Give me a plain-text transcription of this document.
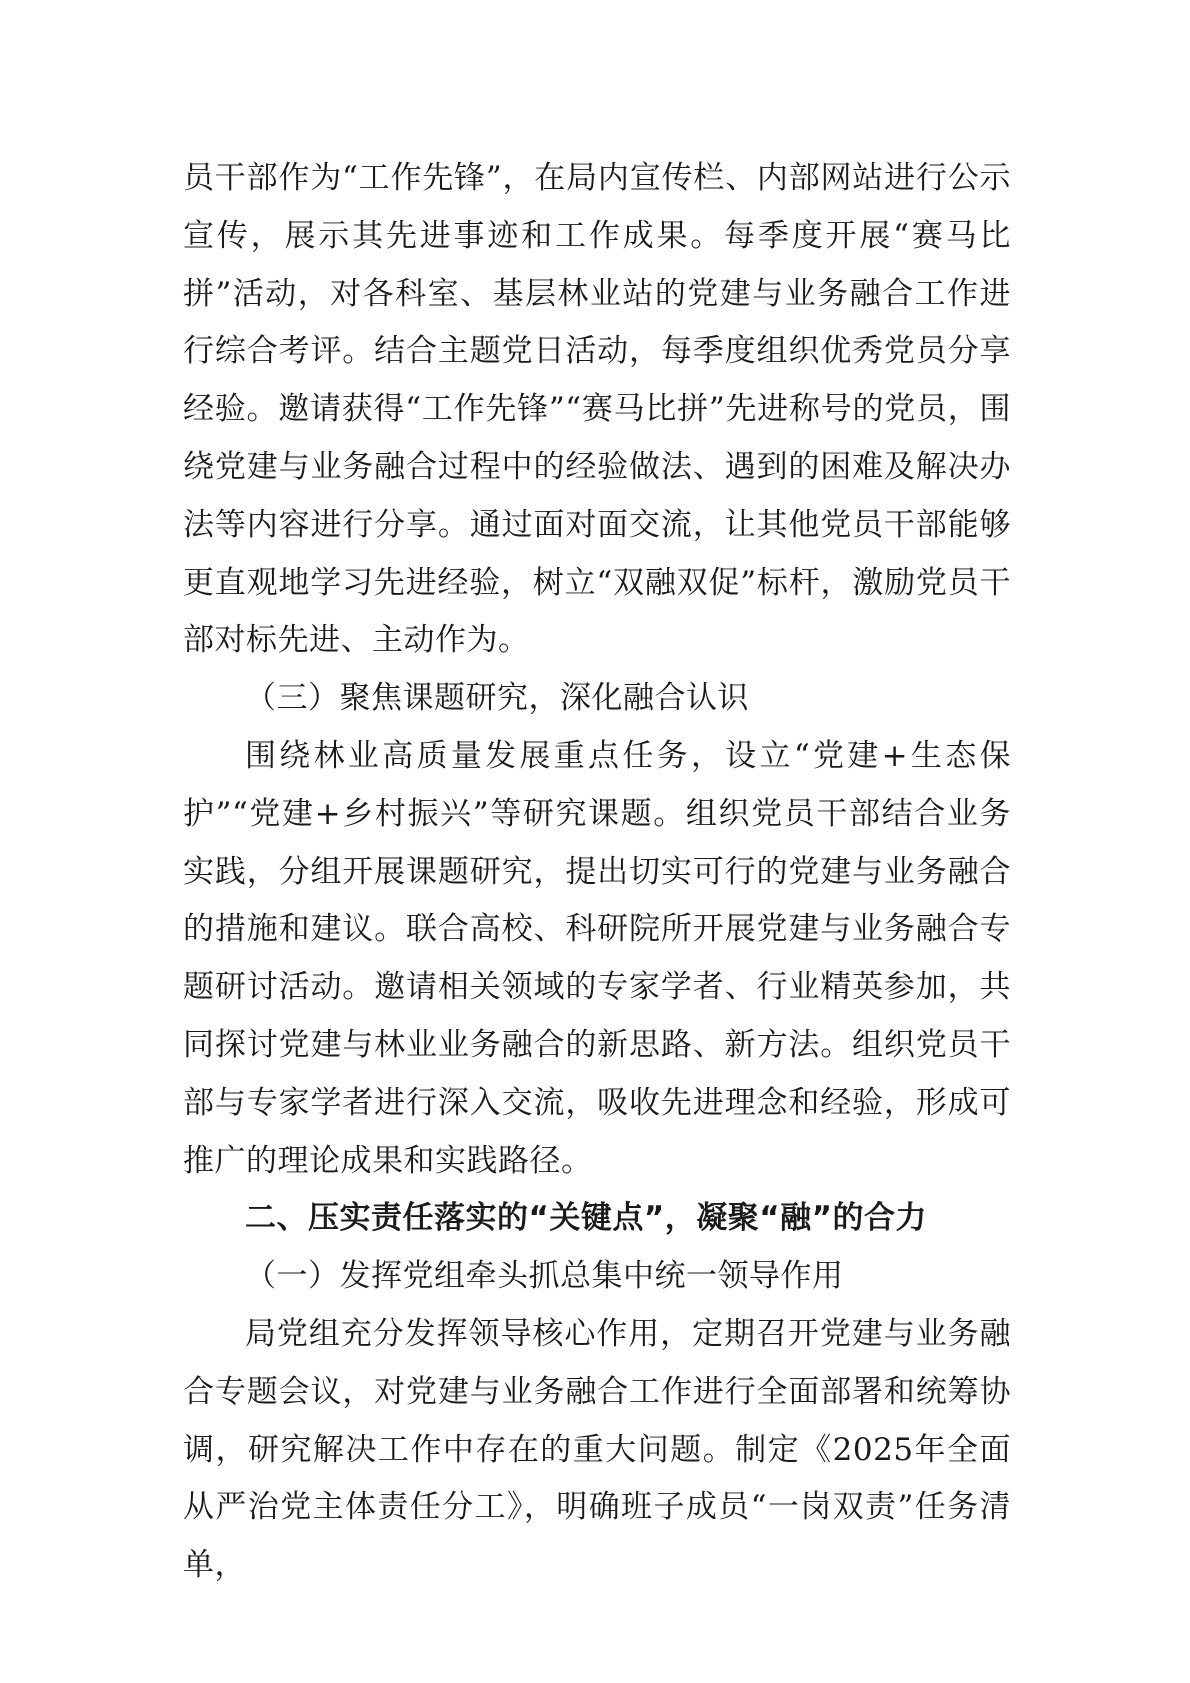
员干部作为“工作先锋”，在局内宣传栏、内部网站进行公示宣传，展示其先进事迹和工作成果。每季度开展“赛马比拼”活动，对各科室、基层林业站的党建与业务融合工作进行综合考评。结合主题党日活动，每季度组织优秀党员分享经验。邀请获得“工作先锋”“赛马比拼”先进称号的党员，围绕党建与业务融合过程中的经验做法、遇到的困难及解决办法等内容进行分享。通过面对面交流，让其他党员干部能够更直观地学习先进经验，树立“双融双促”标杆，激励党员干部对标先进、主动作为。

（三）聚焦课题研究，深化融合认识

围绕林业高质量发展重点任务，设立“党建+生态保护”“党建+乡村振兴”等研究课题。组织党员干部结合业务实践，分组开展课题研究，提出切实可行的党建与业务融合的措施和建议。联合高校、科研院所开展党建与业务融合专题研讨活动。邀请相关领域的专家学者、行业精英参加，共同探讨党建与林业业务融合的新思路、新方法。组织党员干部与专家学者进行深入交流，吸收先进理念和经验，形成可推广的理论成果和实践路径。

二、压实责任落实的“关键点”，凝聚“融”的合力

（一）发挥党组牵头抓总集中统一领导作用

局党组充分发挥领导核心作用，定期召开党建与业务融合专题会议，对党建与业务融合工作进行全面部署和统筹协调，研究解决工作中存在的重大问题。制定《2025年全面从严治党主体责任分工》，明确班子成员“一岗双责”任务清单，
